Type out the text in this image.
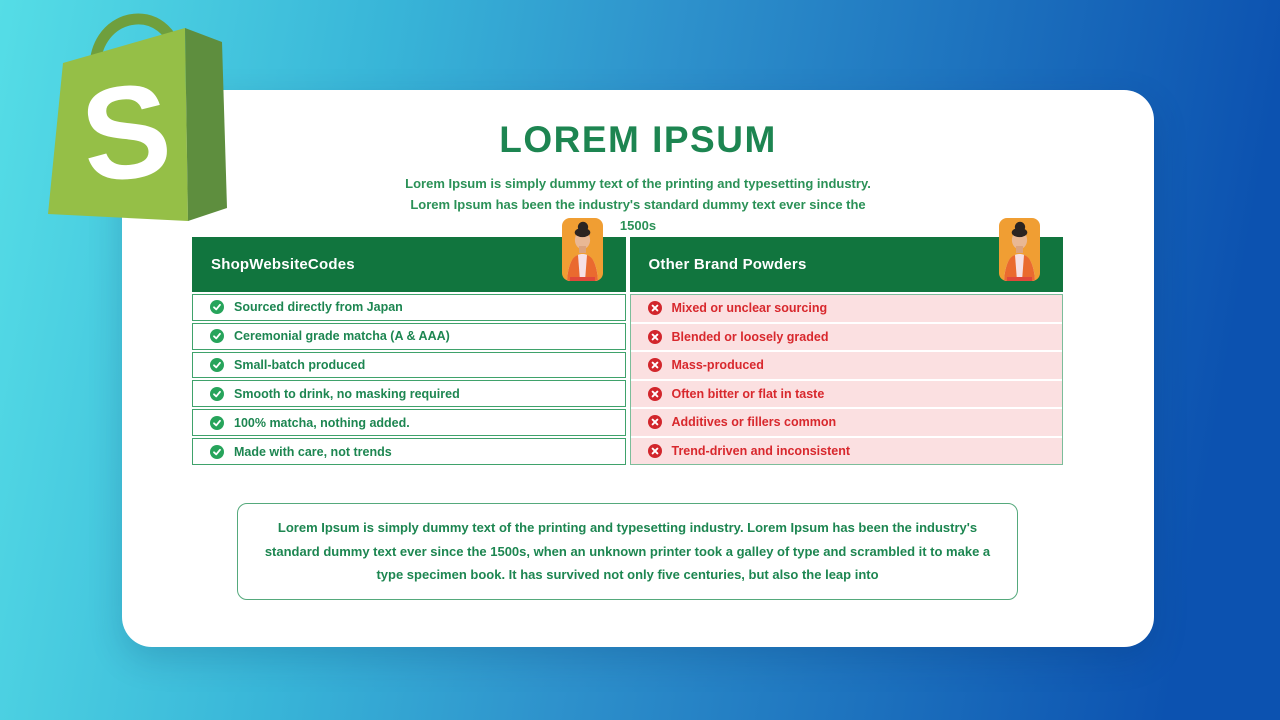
S	LOREM IPSUM

Lorem Ipsum is simply dummy text of the printing and typesetting industry. Lorem Ipsum has been the industry's standard dummy text ever since the 1500s

ShopWebsiteCodes
Sourced directly from Japan
Ceremonial grade matcha (A & AAA)
Small-batch produced
Smooth to drink, no masking required
100% matcha, nothing added.
Made with care, not trends
Other Brand Powders
Mixed or unclear sourcing
Blended or loosely graded
Mass-produced
Often bitter or flat in taste
Additives or fillers common
Trend-driven and inconsistent

Lorem Ipsum is simply dummy text of the printing and typesetting industry. Lorem Ipsum has been the industry's standard dummy text ever since the 1500s, when an unknown printer took a galley of type and scrambled it to make a type specimen book. It has survived not only five centuries, but also the leap into
